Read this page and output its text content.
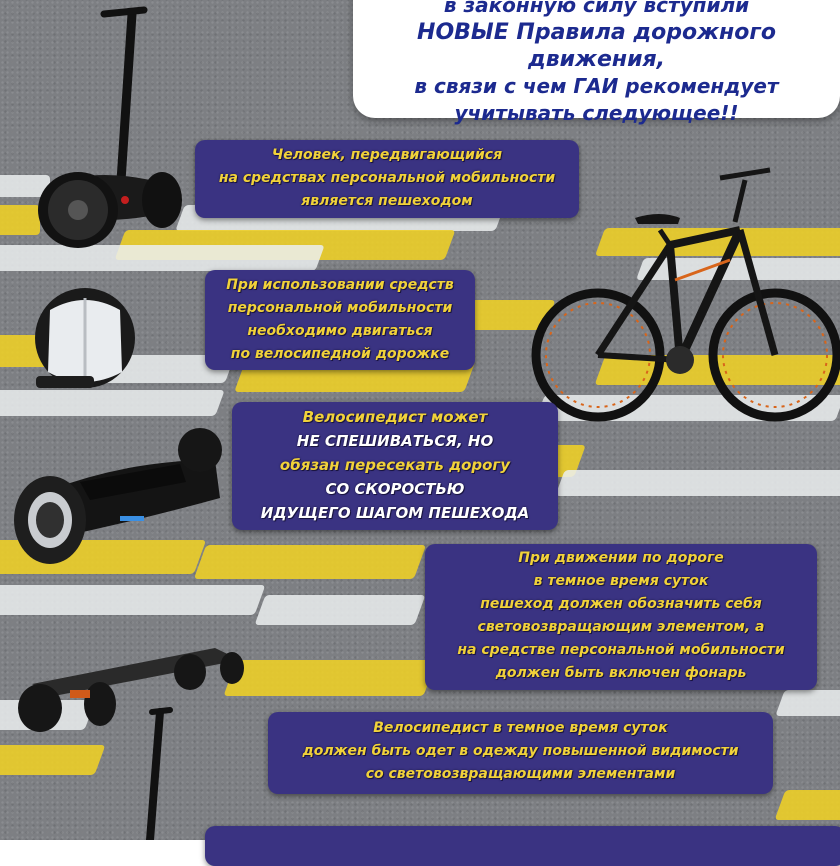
в законную силу вступили
НОВЫЕ Правила дорожного движения,
в связи с чем ГАИ рекомендует
учитывать следующее!!
Человек, передвигающийся
на средствах персональной мобильности
является пешеходом
При использовании средств
персональной мобильности
необходимо двигаться
по велосипедной дорожке
Велосипедист может
НЕ СПЕШИВАТЬСЯ, НО
обязан пересекать дорогу
СО СКОРОСТЬЮ
ИДУЩЕГО ШАГОМ ПЕШЕХОДА
При движении по дороге
в темное время суток
пешеход должен обозначить себя
световозвращающим элементом, а
на средстве персональной мобильности
должен быть включен фонарь
Велосипедист в темное время суток
должен быть одет в одежду повышенной видимости
со световозвращающими элементами
